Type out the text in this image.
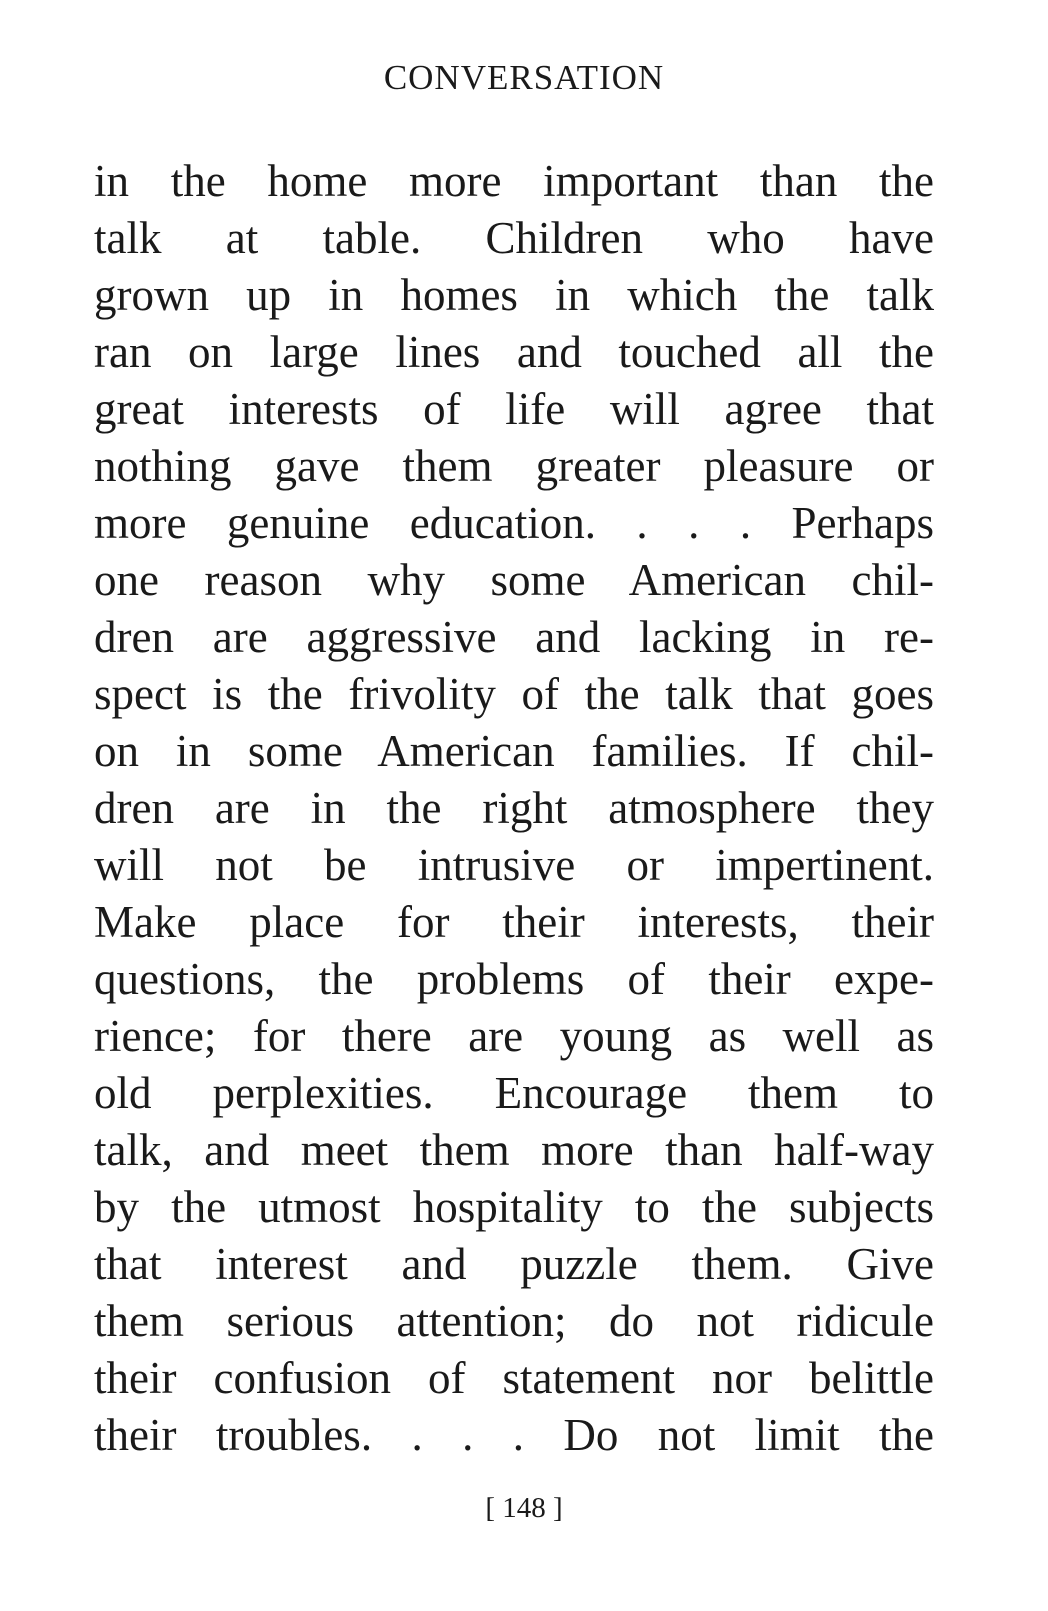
CONVERSATION
in the home more important than the
talk at table. Children who have
grown up in homes in which the talk
ran on large lines and touched all the
great interests of life will agree that
nothing gave them greater pleasure or
more genuine education. . . . Perhaps
one reason why some American chil-
dren are aggressive and lacking in re-
spect is the frivolity of the talk that goes
on in some American families. If chil-
dren are in the right atmosphere they
will not be intrusive or impertinent.
Make place for their interests, their
questions, the problems of their expe-
rience; for there are young as well as
old perplexities. Encourage them to
talk, and meet them more than half-way
by the utmost hospitality to the subjects
that interest and puzzle them. Give
them serious attention; do not ridicule
their confusion of statement nor belittle
their troubles. . . . Do not limit the
[ 148 ]
